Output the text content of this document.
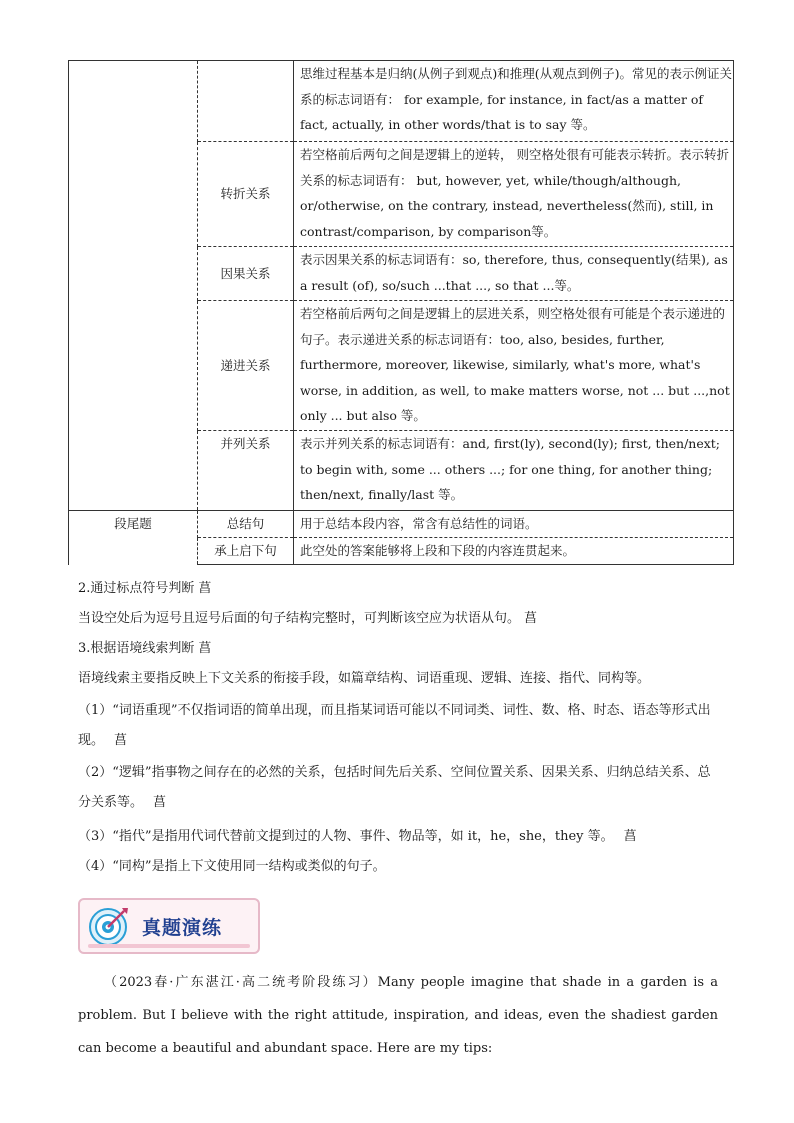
		思维过程基本是归纳(从例子到观点)和推理(从观点到例子)。常见的表示例证关系的标志词语有： for example, for instance, in fact/as a matter of fact, actually, in other words/that is to say 等。
	转折关系	若空格前后两句之间是逻辑上的逆转， 则空格处很有可能表示转折。表示转折关系的标志词语有： but, however, yet, while/though/although, or/otherwise, on the contrary, instead, nevertheless(然而), still, in contrast/comparison, by comparison等。
	因果关系	表示因果关系的标志词语有：so, therefore, thus, consequently(结果), as a result (of), so/such ...that ..., so that ...等。
	递进关系	若空格前后两句之间是逻辑上的层进关系，则空格处很有可能是个表示递进的句子。表示递进关系的标志词语有：too, also, besides, further, furthermore, moreover, likewise, similarly, what's more, what's worse, in addition, as well, to make matters worse, not ... but ...,not only ... but also 等。
	并列关系	表示并列关系的标志词语有：and, first(ly), second(ly); first, then/next; to begin with, some ... others ...; for one thing, for another thing; then/next, finally/last 等。
段尾题	总结句	用于总结本段内容，常含有总结性的词语。
	承上启下句	此空处的答案能够将上段和下段的内容连贯起来。
2.通过标点符号判断 菖
当设空处后为逗号且逗号后面的句子结构完整时，可判断该空应为状语从句。 菖
3.根据语境线索判断 菖
语境线索主要指反映上下文关系的衔接手段，如篇章结构、词语重现、逻辑、连接、指代、同构等。
（1）“词语重现”不仅指词语的简单出现，而且指某词语可能以不同词类、词性、数、格、时态、语态等形式出现。 菖
（2）“逻辑”指事物之间存在的必然的关系，包括时间先后关系、空间位置关系、因果关系、归纳总结关系、总分关系等。 菖
（3）“指代”是指用代词代替前文提到过的人物、事件、物品等，如 it，he，she，they 等。 菖
（4）“同构”是指上下文使用同一结构或类似的句子。
真题演练
（2023春·广东湛江·高二统考阶段练习）Many people imagine that shade in a garden is a problem. But I believe with the right attitude, inspiration, and ideas, even the shadiest garden can become a beautiful and abundant space. Here are my tips:
